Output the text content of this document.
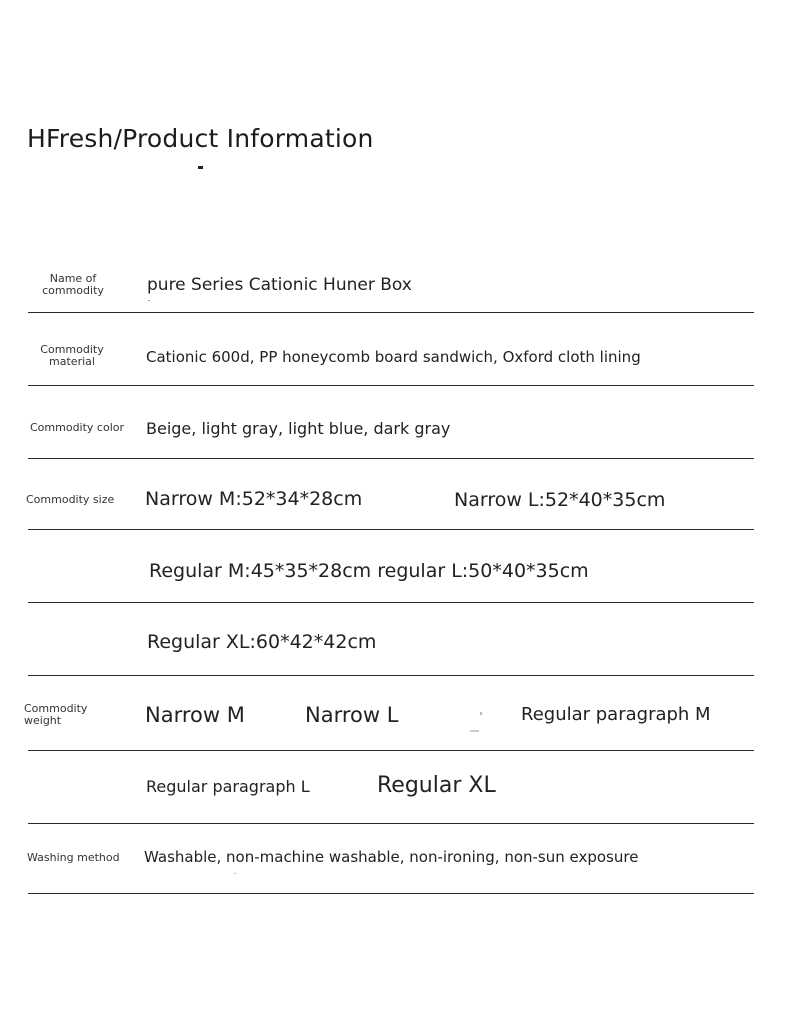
HFresh/Product Information
Name of
commodity	pure Series Cationic Huner Box
Commodity
material	Cationic 600d, PP honeycomb board sandwich, Oxford cloth lining
Commodity color Beige, light gray, light blue, dark gray
Commodity size Narrow M:52*34*28cm	Narrow L:52*40*35cm
Regular M:45*35*28cm regular L:50*40*35cm
Regular XL:60*42*42cm
Commodity
weight	Narrow M	Narrow L	Regular paragraph M
Regular paragraph L	Regular XL
Washing method Washable, non-machine washable, non-ironing, non-sun exposure
